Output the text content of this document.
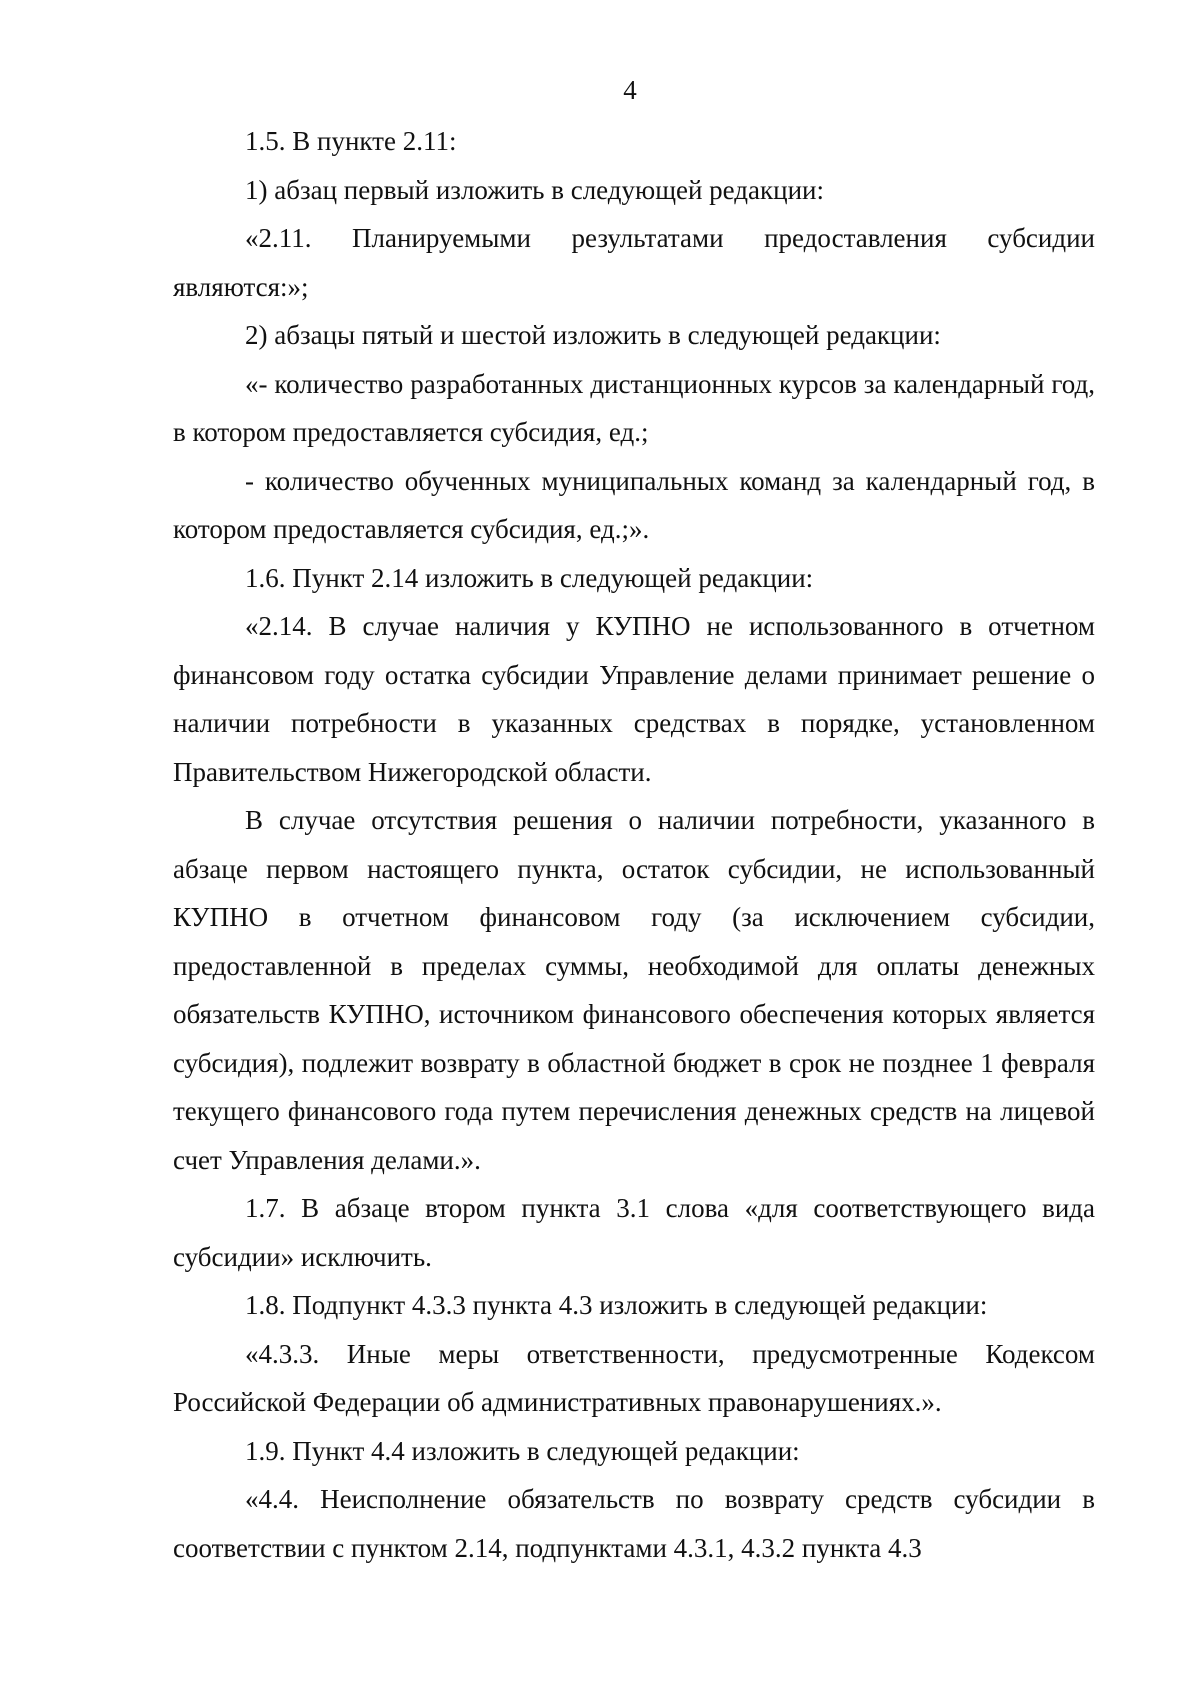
4

1.5. В пункте 2.11:

1) абзац первый изложить в следующей редакции:

«2.11. Планируемыми результатами предоставления субсидии являются:»;

2) абзацы пятый и шестой изложить в следующей редакции:

«- количество разработанных дистанционных курсов за календарный год, в котором предоставляется субсидия, ед.;

- количество обученных муниципальных команд за календарный год, в котором предоставляется субсидия, ед.;».

1.6. Пункт 2.14 изложить в следующей редакции:

«2.14. В случае наличия у КУПНО не использованного в отчетном финансовом году остатка субсидии Управление делами принимает решение о наличии потребности в указанных средствах в порядке, установленном Правительством Нижегородской области.

В случае отсутствия решения о наличии потребности, указанного в абзаце первом настоящего пункта, остаток субсидии, не использованный КУПНО в отчетном финансовом году (за исключением субсидии, предоставленной в пределах суммы, необходимой для оплаты денежных обязательств КУПНО, источником финансового обеспечения которых является субсидия), подлежит возврату в областной бюджет в срок не позднее 1 февраля текущего финансового года путем перечисления денежных средств на лицевой счет Управления делами.».

1.7. В абзаце втором пункта 3.1 слова «для соответствующего вида субсидии» исключить.

1.8. Подпункт 4.3.3 пункта 4.3 изложить в следующей редакции:

«4.3.3. Иные меры ответственности, предусмотренные Кодексом Российской Федерации об административных правонарушениях.».

1.9. Пункт 4.4 изложить в следующей редакции:

«4.4. Неисполнение обязательств по возврату средств субсидии в соответствии с пунктом 2.14, подпунктами 4.3.1, 4.3.2 пункта 4.3
